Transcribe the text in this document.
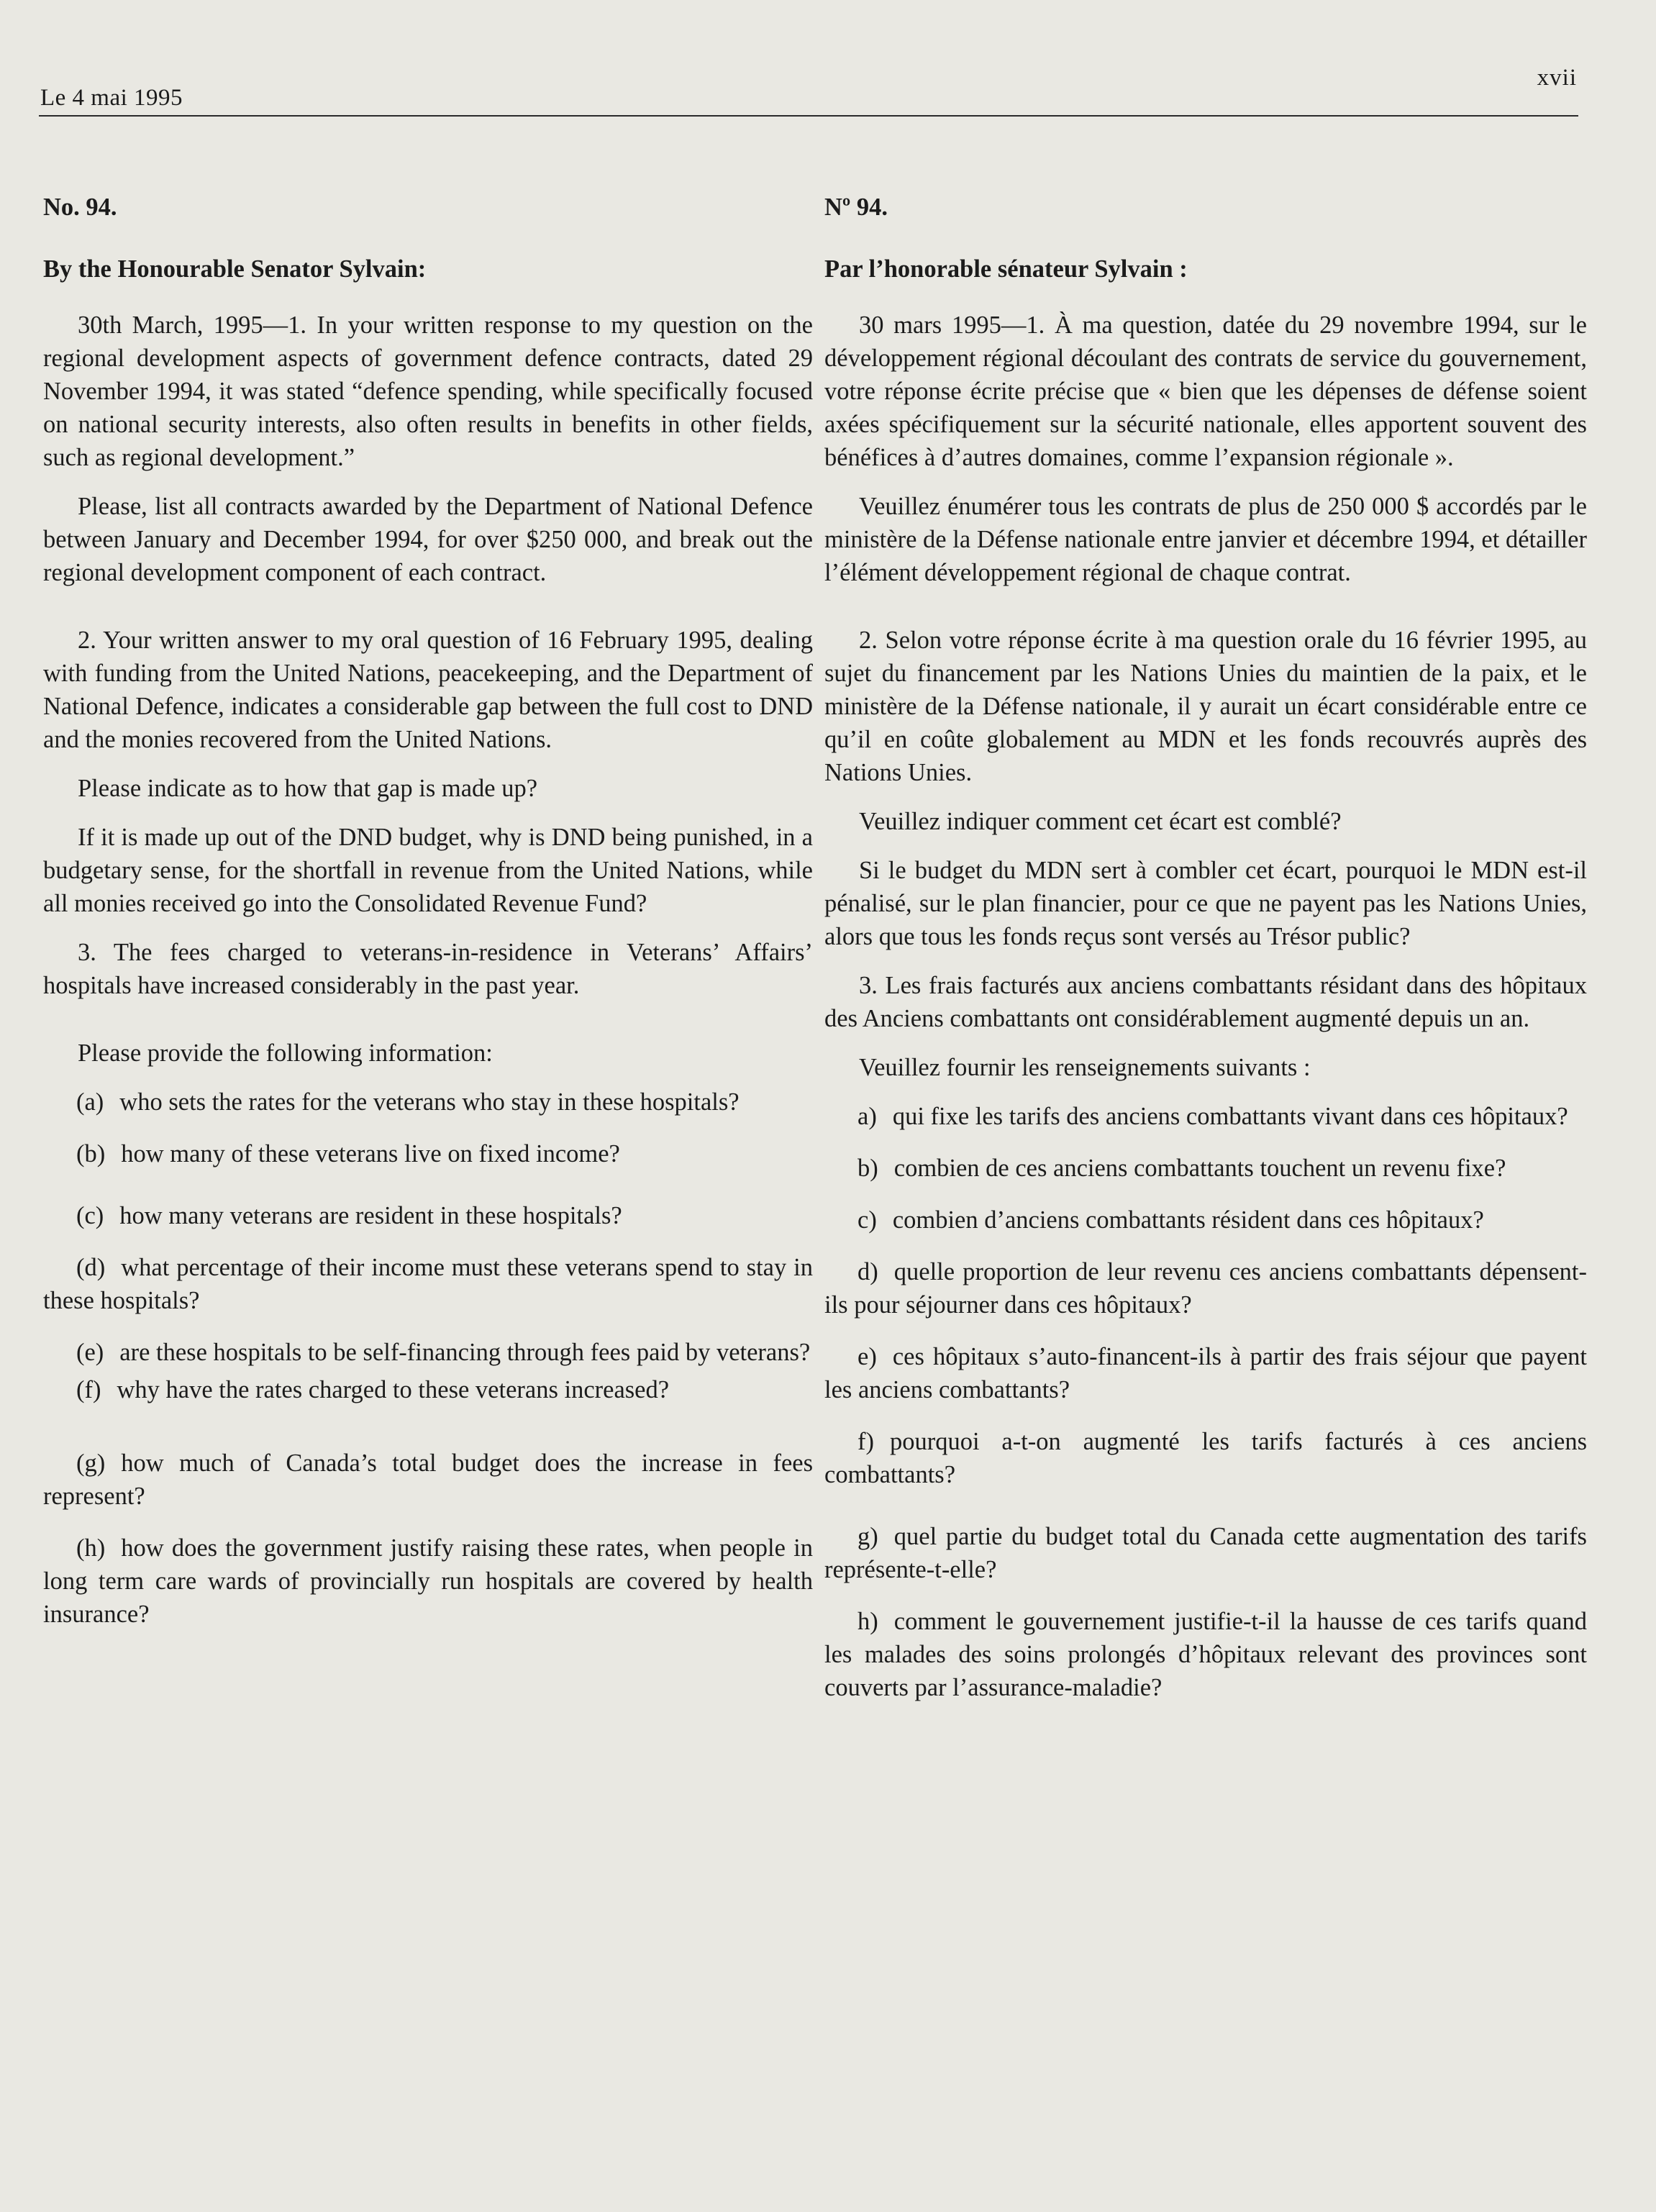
Le 4 mai 1995
xvii

No. 94.

By the Honourable Senator Sylvain:

30th March, 1995—1. In your written response to my question on the regional development aspects of government defence contracts, dated 29 November 1994, it was stated “defence spending, while specifically focused on national security interests, also often results in benefits in other fields, such as regional development.”

Please, list all contracts awarded by the Department of National Defence between January and December 1994, for over $250 000, and break out the regional development component of each contract.

2. Your written answer to my oral question of 16 February 1995, dealing with funding from the United Nations, peacekeeping, and the Department of National Defence, indicates a considerable gap between the full cost to DND and the monies recovered from the United Nations.

Please indicate as to how that gap is made up?

If it is made up out of the DND budget, why is DND being punished, in a budgetary sense, for the shortfall in revenue from the United Nations, while all monies received go into the Consolidated Revenue Fund?

3. The fees charged to veterans-in-residence in Veterans’ Affairs’ hospitals have increased considerably in the past year.

Please provide the following information:

(a) who sets the rates for the veterans who stay in these hospitals?

(b) how many of these veterans live on fixed income?

(c) how many veterans are resident in these hospitals?

(d) what percentage of their income must these veterans spend to stay in these hospitals?

(e) are these hospitals to be self-financing through fees paid by veterans?

(f) why have the rates charged to these veterans increased?

(g) how much of Canada’s total budget does the increase in fees represent?

(h) how does the government justify raising these rates, when people in long term care wards of provincially run hospitals are covered by health insurance?

Nº 94.

Par l’honorable sénateur Sylvain :

30 mars 1995—1. À ma question, datée du 29 novembre 1994, sur le développement régional découlant des contrats de service du gouvernement, votre réponse écrite précise que « bien que les dépenses de défense soient axées spécifiquement sur la sécurité nationale, elles apportent souvent des bénéfices à d’autres domaines, comme l’expansion régionale ».

Veuillez énumérer tous les contrats de plus de 250 000 $ accordés par le ministère de la Défense nationale entre janvier et décembre 1994, et détailler l’élément développement régional de chaque contrat.

2. Selon votre réponse écrite à ma question orale du 16 février 1995, au sujet du financement par les Nations Unies du maintien de la paix, et le ministère de la Défense nationale, il y aurait un écart considérable entre ce qu’il en coûte globalement au MDN et les fonds recouvrés auprès des Nations Unies.

Veuillez indiquer comment cet écart est comblé?

Si le budget du MDN sert à combler cet écart, pourquoi le MDN est-il pénalisé, sur le plan financier, pour ce que ne payent pas les Nations Unies, alors que tous les fonds reçus sont versés au Trésor public?

3. Les frais facturés aux anciens combattants résidant dans des hôpitaux des Anciens combattants ont considérablement augmenté depuis un an.

Veuillez fournir les renseignements suivants :

a) qui fixe les tarifs des anciens combattants vivant dans ces hôpitaux?

b) combien de ces anciens combattants touchent un revenu fixe?

c) combien d’anciens combattants résident dans ces hôpitaux?

d) quelle proportion de leur revenu ces anciens combattants dépensent-ils pour séjourner dans ces hôpitaux?

e) ces hôpitaux s’auto-financent-ils à partir des frais séjour que payent les anciens combattants?

f) pourquoi a-t-on augmenté les tarifs facturés à ces anciens combattants?

g) quel partie du budget total du Canada cette augmentation des tarifs représente-t-elle?

h) comment le gouvernement justifie-t-il la hausse de ces tarifs quand les malades des soins prolongés d’hôpitaux relevant des provinces sont couverts par l’assurance-maladie?
